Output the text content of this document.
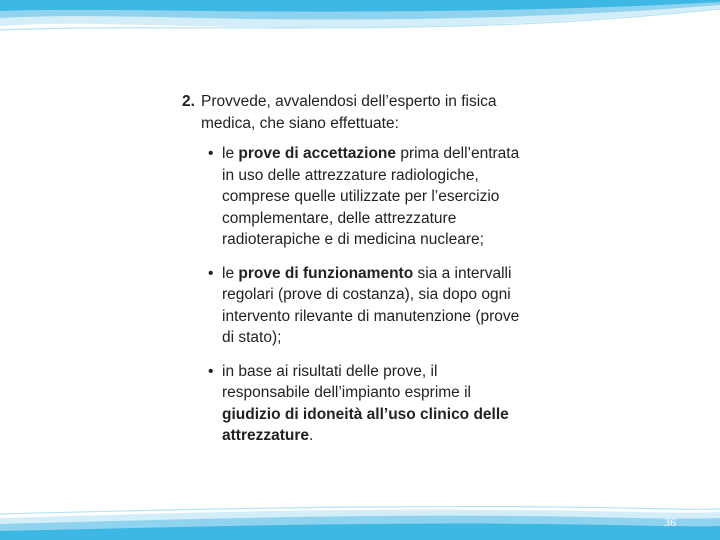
2. Provvede, avvalendosi dell’esperto in fisica medica, che siano effettuate:

• le prove di accettazione prima dell’entrata in uso delle attrezzature radiologiche, comprese quelle utilizzate per l’esercizio complementare, delle attrezzature radioterapiche e di medicina nucleare;
• le prove di funzionamento sia a intervalli regolari (prove di costanza), sia dopo ogni intervento rilevante di manutenzione (prove di stato);
• in base ai risultati delle prove, il responsabile dell’impianto esprime il giudizio di idoneità all’uso clinico delle attrezzature.
36
